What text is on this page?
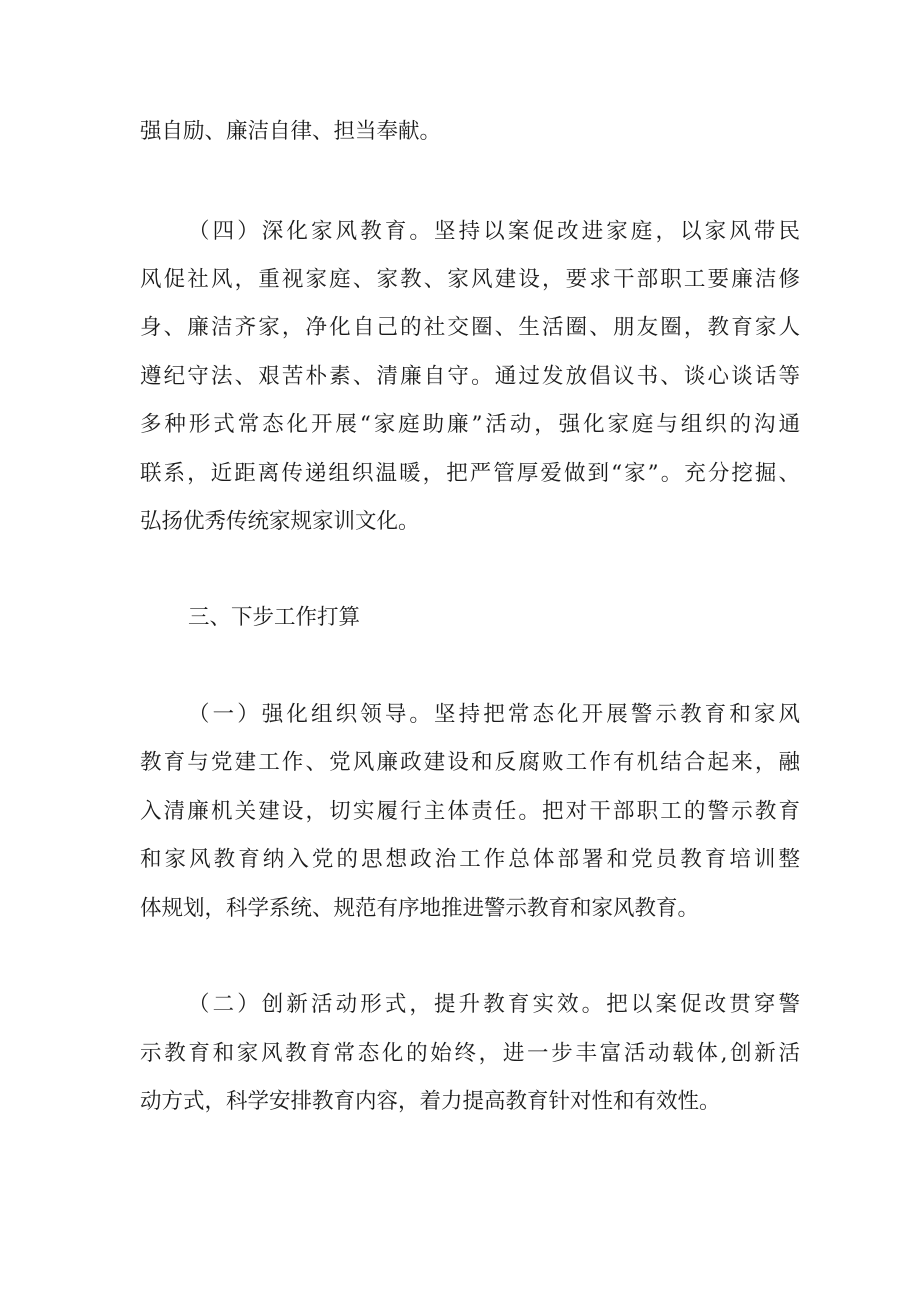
强自励、廉洁自律、担当奉献。
（四）深化家风教育。坚持以案促改进家庭，以家风带民
风促社风，重视家庭、家教、家风建设，要求干部职工要廉洁修
身、廉洁齐家，净化自己的社交圈、生活圈、朋友圈，教育家人
遵纪守法、艰苦朴素、清廉自守。通过发放倡议书、谈心谈话等
多种形式常态化开展“家庭助廉”活动，强化家庭与组织的沟通
联系，近距离传递组织温暖，把严管厚爱做到“家”。充分挖掘、
弘扬优秀传统家规家训文化。
三、下步工作打算
（一）强化组织领导。坚持把常态化开展警示教育和家风
教育与党建工作、党风廉政建设和反腐败工作有机结合起来，融
入清廉机关建设，切实履行主体责任。把对干部职工的警示教育
和家风教育纳入党的思想政治工作总体部署和党员教育培训整
体规划，科学系统、规范有序地推进警示教育和家风教育。
（二）创新活动形式，提升教育实效。把以案促改贯穿警
示教育和家风教育常态化的始终，进一步丰富活动载体,创新活
动方式，科学安排教育内容，着力提高教育针对性和有效性。
